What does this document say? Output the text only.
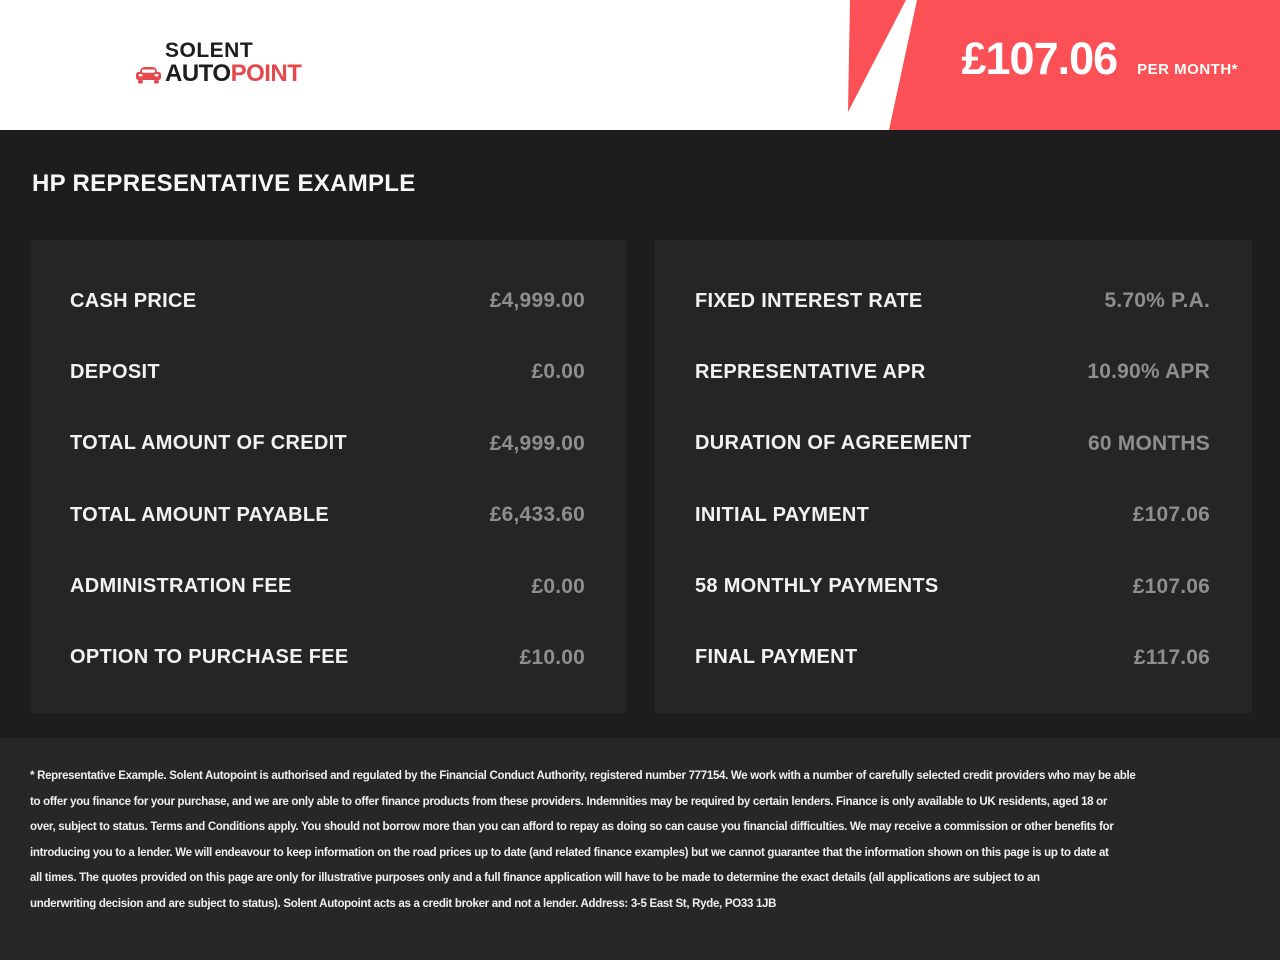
SOLENT
AUTO POINT	£107.06 PER MONTH*
HP REPRESENTATIVE EXAMPLE
CASH PRICE	£4,999.00
DEPOSIT	£0.00
TOTAL AMOUNT OF CREDIT	£4,999.00
TOTAL AMOUNT PAYABLE	£6,433.60
ADMINISTRATION FEE	£0.00
OPTION TO PURCHASE FEE	£10.00
FIXED INTEREST RATE	5.70% P.A.
REPRESENTATIVE APR	10.90% APR
DURATION OF AGREEMENT	60 MONTHS
INITIAL PAYMENT	£107.06
58 MONTHLY PAYMENTS	£107.06
FINAL PAYMENT	£117.06
* Representative Example. Solent Autopoint is authorised and regulated by the Financial Conduct Authority, registered number 777154. We work with a number of carefully selected credit providers who may be able
to offer you finance for your purchase, and we are only able to offer finance products from these providers. Indemnities may be required by certain lenders. Finance is only available to UK residents, aged 18 or
over, subject to status. Terms and Conditions apply. You should not borrow more than you can afford to repay as doing so can cause you financial difficulties. We may receive a commission or other benefits for
introducing you to a lender. We will endeavour to keep information on the road prices up to date (and related finance examples) but we cannot guarantee that the information shown on this page is up to date at
all times. The quotes provided on this page are only for illustrative purposes only and a full finance application will have to be made to determine the exact details (all applications are subject to an
underwriting decision and are subject to status). Solent Autopoint acts as a credit broker and not a lender. Address: 3-5 East St, Ryde, PO33 1JB
